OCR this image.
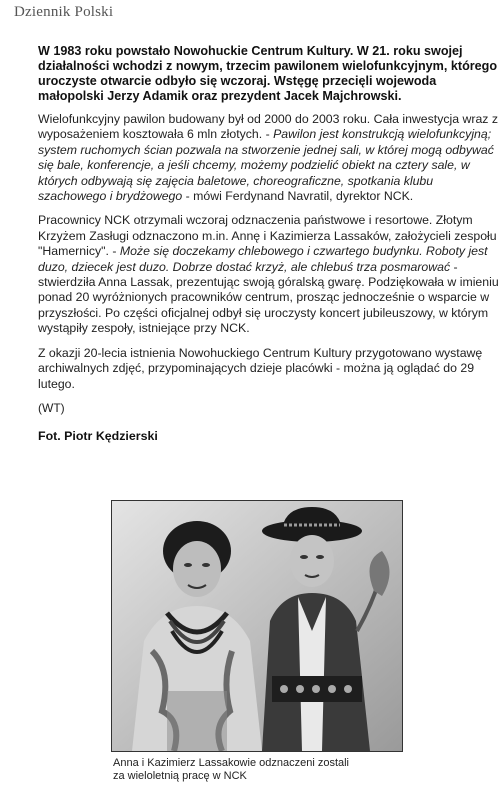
Dziennik Polski

W 1983 roku powstało Nowohuckie Centrum Kultury. W 21. roku swojej działalności wchodzi z nowym, trzecim pawilonem wielofunkcyjnym, którego uroczyste otwarcie odbyło się wczoraj. Wstęgę przecięli wojewoda małopolski Jerzy Adamik oraz prezydent Jacek Majchrowski.

Wielofunkcyjny pawilon budowany był od 2000 do 2003 roku. Cała inwestycja wraz z wyposażeniem kosztowała 6 mln złotych. - Pawilon jest konstrukcją wielofunkcyjną; system ruchomych ścian pozwala na stworzenie jednej sali, w której mogą odbywać się bale, konferencje, a jeśli chcemy, możemy podzielić obiekt na cztery sale, w których odbywają się zajęcia baletowe, choreograficzne, spotkania klubu szachowego i brydżowego - mówi Ferdynand Navratil, dyrektor NCK.

Pracownicy NCK otrzymali wczoraj odznaczenia państwowe i resortowe. Złotym Krzyżem Zasługi odznaczono m.in. Annę i Kazimierza Lassaków, założycieli zespołu "Hamernicy". - Może się doczekamy chlebowego i czwartego budynku. Roboty jest duzo, dziecek jest duzo. Dobrze dostać krzyż, ale chlebuś trza posmarować - stwierdziła Anna Lassak, prezentując swoją góralską gwarę. Podziękowała w imieniu ponad 20 wyróżnionych pracowników centrum, prosząc jednocześnie o wsparcie w przyszłości. Po części oficjalnej odbył się uroczysty koncert jubileuszowy, w którym wystąpiły zespoły, istniejące przy NCK.

Z okazji 20-lecia istnienia Nowohuckiego Centrum Kultury przygotowano wystawę archiwalnych zdjęć, przypominających dzieje placówki - można ją oglądać do 29 lutego.

(WT)

Fot. Piotr Kędzierski

Anna i Kazimierz Lassakowie odznaczeni zostali za wieloletnią pracę w NCK
